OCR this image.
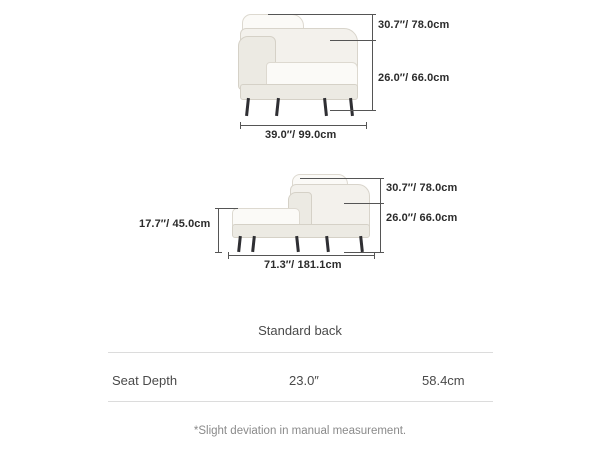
30.7″/ 78.0cm
26.0″/ 66.0cm
39.0″/ 99.0cm
30.7″/ 78.0cm
26.0″/ 66.0cm
17.7″/ 45.0cm
71.3″/ 181.1cm
Standard back
Seat Depth	23.0″	58.4cm
*Slight deviation in manual measurement.
